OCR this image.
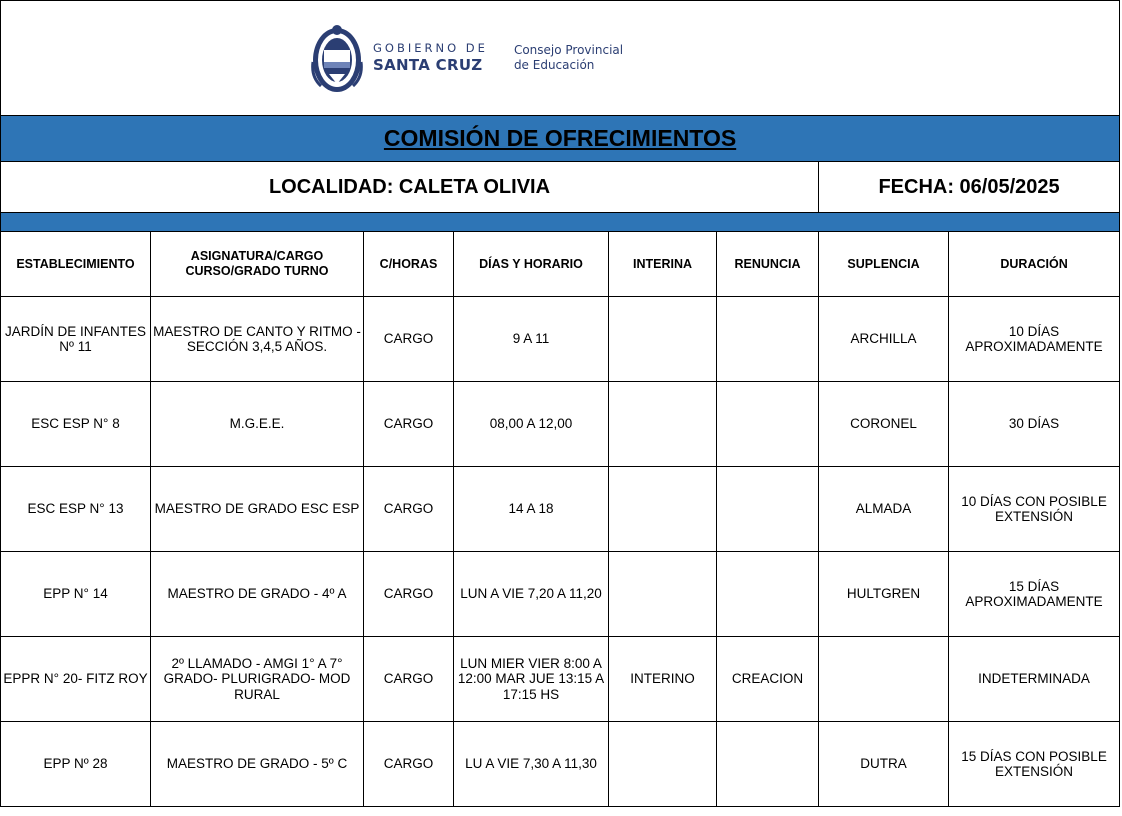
GOBIERNO DE
SANTA CRUZ
Consejo Provincial
de Educación							

COMISIÓN DE OFRECIMIENTOS							
LOCALIDAD: CALETA OLIVIA						FECHA: 06/05/2025	

ESTABLECIMIENTO	ASIGNATURA/CARGO CURSO/GRADO TURNO	C/HORAS	DÍAS Y HORARIO	INTERINA	RENUNCIA	SUPLENCIA	DURACIÓN
JARDÍN DE INFANTES Nº 11	MAESTRO DE CANTO Y RITMO - SECCIÓN 3,4,5 AÑOS.	CARGO	9 A 11			ARCHILLA	10 DÍAS APROXIMADAMENTE
ESC ESP N° 8	M.G.E.E.	CARGO	08,00 A 12,00			CORONEL	30 DÍAS
ESC ESP N° 13	MAESTRO DE GRADO ESC ESP	CARGO	14 A 18			ALMADA	10 DÍAS CON POSIBLE EXTENSIÓN
EPP N° 14	MAESTRO DE GRADO - 4º A	CARGO	LUN A VIE 7,20 A 11,20			HULTGREN	15 DÍAS APROXIMADAMENTE
EPPR N° 20- FITZ ROY	2º LLAMADO - AMGI 1° A 7° GRADO- PLURIGRADO- MOD RURAL	CARGO	LUN MIER VIER 8:00 A 12:00 MAR JUE 13:15 A 17:15 HS	INTERINO	CREACION		INDETERMINADA
EPP Nº 28	MAESTRO DE GRADO - 5º C	CARGO	LU A VIE 7,30 A 11,30			DUTRA	15 DÍAS CON POSIBLE EXTENSIÓN
